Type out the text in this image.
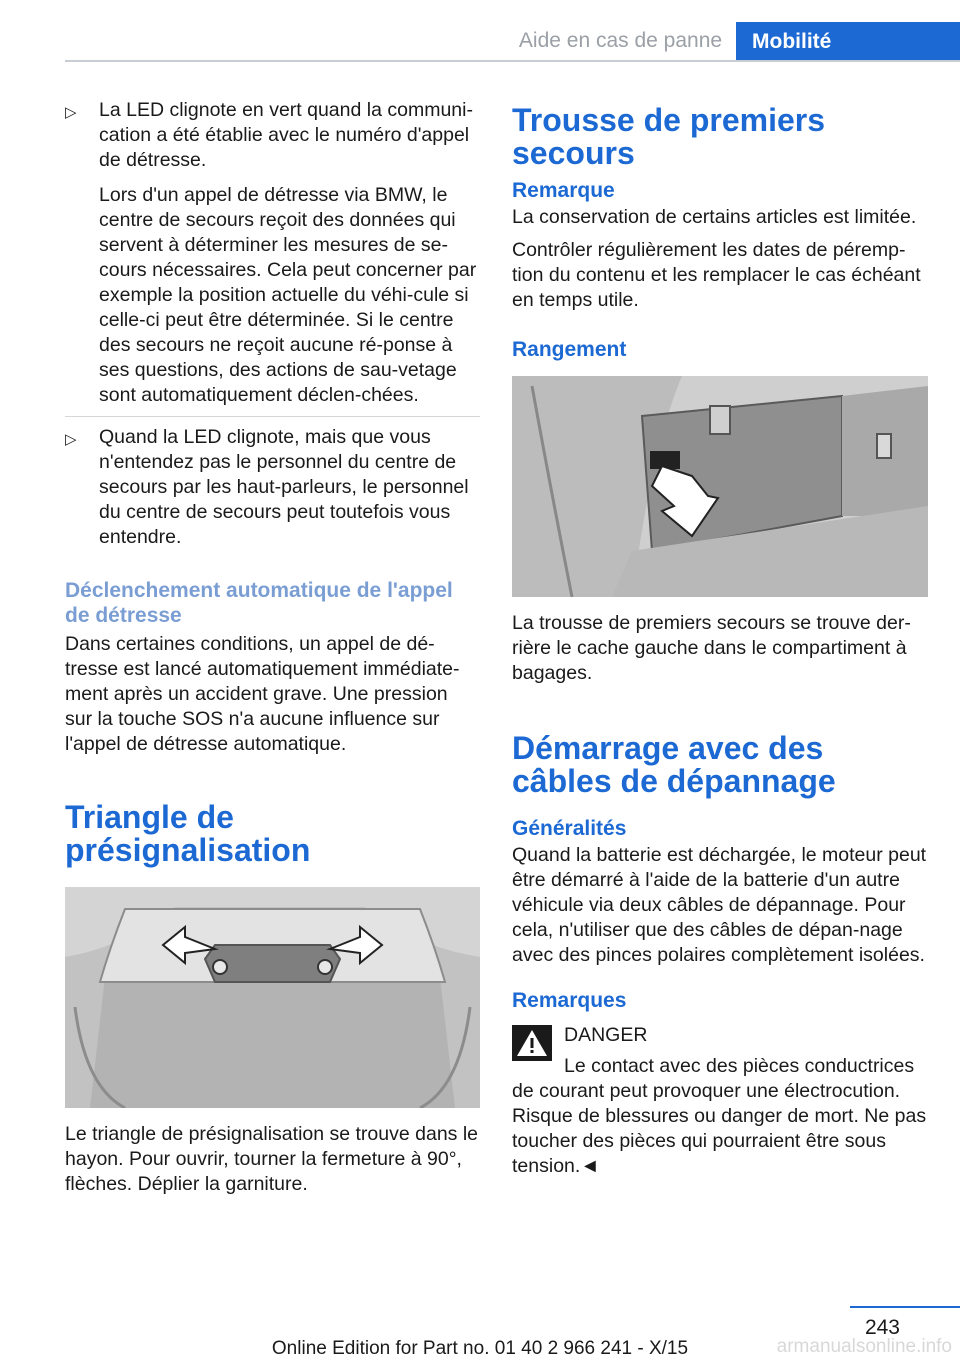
Aide en cas de panne	Mobilité
▷ La LED clignote en vert quand la communi-cation a été établie avec le numéro d'appel de détresse.

Lors d'un appel de détresse via BMW, le centre de secours reçoit des données qui servent à déterminer les mesures de se-cours nécessaires. Cela peut concerner par exemple la position actuelle du véhi-cule si celle-ci peut être déterminée. Si le centre des secours ne reçoit aucune ré-ponse à ses questions, des actions de sau-vetage sont automatiquement déclen-chées.

▷ Quand la LED clignote, mais que vous n'entendez pas le personnel du centre de secours par les haut-parleurs, le personnel du centre de secours peut toutefois vous entendre.

Déclenchement automatique de l'appel de détresse

Dans certaines conditions, un appel de dé-tresse est lancé automatiquement immédiate-ment après un accident grave. Une pression sur la touche SOS n'a aucune influence sur l'appel de détresse automatique.

Triangle de présignalisation

Le triangle de présignalisation se trouve dans le hayon. Pour ouvrir, tourner la fermeture à 90°, flèches. Déplier la garniture.

Trousse de premiers secours
Remarque

La conservation de certains articles est limitée.

Contrôler régulièrement les dates de péremp-tion du contenu et les remplacer le cas échéant en temps utile.

Rangement

La trousse de premiers secours se trouve der-rière le cache gauche dans le compartiment à bagages.

Démarrage avec des câbles de dépannage
Généralités

Quand la batterie est déchargée, le moteur peut être démarré à l'aide de la batterie d'un autre véhicule via deux câbles de dépannage. Pour cela, n'utiliser que des câbles de dépan-nage avec des pinces polaires complètement isolées.

Remarques

DANGER

Le contact avec des pièces conductrices de courant peut provoquer une électrocution. Risque de blessures ou danger de mort. Ne pas toucher des pièces qui pourraient être sous tension.◄

243
Online Edition for Part no. 01 40 2 966 241 - X/15	armanualsonline.info
